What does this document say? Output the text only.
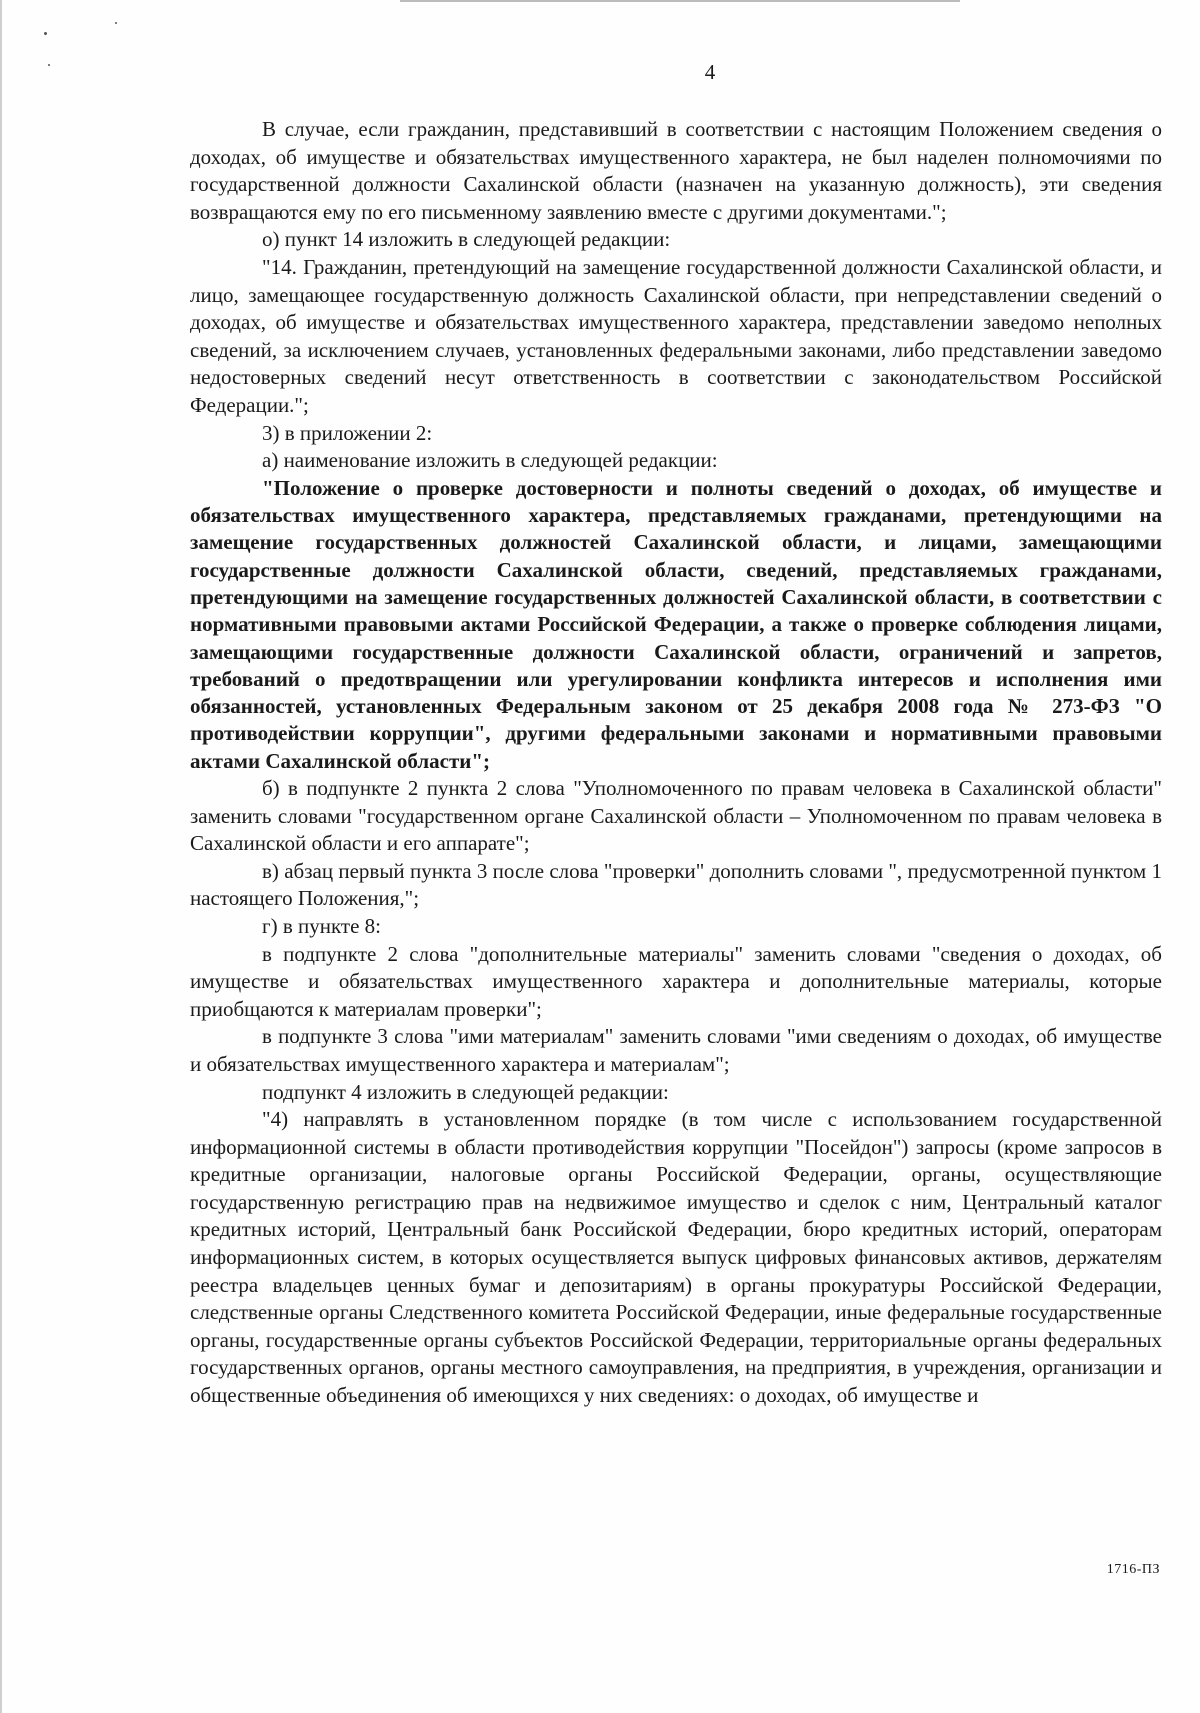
4

В случае, если гражданин, представивший в соответствии с настоящим Положением сведения о доходах, об имуществе и обязательствах имущественного характера, не был наделен полномочиями по государственной должности Сахалинской области (назначен на указанную должность), эти сведения возвращаются ему по его письменному заявлению вместе с другими документами.";

о) пункт 14 изложить в следующей редакции:

"14. Гражданин, претендующий на замещение государственной должности Сахалинской области, и лицо, замещающее государственную должность Сахалинской области, при непредставлении сведений о доходах, об имуществе и обязательствах имущественного характера, представлении заведомо неполных сведений, за исключением случаев, установленных федеральными законами, либо представлении заведомо недостоверных сведений несут ответственность в соответствии с законодательством Российской Федерации.";

3) в приложении 2:

а) наименование изложить в следующей редакции:

"Положение о проверке достоверности и полноты сведений о доходах, об имуществе и обязательствах имущественного характера, представляемых гражданами, претендующими на замещение государственных должностей Сахалинской области, и лицами, замещающими государственные должности Сахалинской области, сведений, представляемых гражданами, претендующими на замещение государственных должностей Сахалинской области, в соответствии с нормативными правовыми актами Российской Федерации, а также о проверке соблюдения лицами, замещающими государственные должности Сахалинской области, ограничений и запретов, требований о предотвращении или урегулировании конфликта интересов и исполнения ими обязанностей, установленных Федеральным законом от 25 декабря 2008 года № 273-ФЗ "О противодействии коррупции", другими федеральными законами и нормативными правовыми актами Сахалинской области";

б) в подпункте 2 пункта 2 слова "Уполномоченного по правам человека в Сахалинской области" заменить словами "государственном органе Сахалинской области – Уполномоченном по правам человека в Сахалинской области и его аппарате";

в) абзац первый пункта 3 после слова "проверки" дополнить словами ", предусмотренной пунктом 1 настоящего Положения,";

г) в пункте 8:

в подпункте 2 слова "дополнительные материалы" заменить словами "сведения о доходах, об имуществе и обязательствах имущественного характера и дополнительные материалы, которые приобщаются к материалам проверки";

в подпункте 3 слова "ими материалам" заменить словами "ими сведениям о доходах, об имуществе и обязательствах имущественного характера и материалам";

подпункт 4 изложить в следующей редакции:

"4) направлять в установленном порядке (в том числе с использованием государственной информационной системы в области противодействия коррупции "Посейдон") запросы (кроме запросов в кредитные организации, налоговые органы Российской Федерации, органы, осуществляющие государственную регистрацию прав на недвижимое имущество и сделок с ним, Центральный каталог кредитных историй, Центральный банк Российской Федерации, бюро кредитных историй, операторам информационных систем, в которых осуществляется выпуск цифровых финансовых активов, держателям реестра владельцев ценных бумаг и депозитариям) в органы прокуратуры Российской Федерации, следственные органы Следственного комитета Российской Федерации, иные федеральные государственные органы, государственные органы субъектов Российской Федерации, территориальные органы федеральных государственных органов, органы местного самоуправления, на предприятия, в учреждения, организации и общественные объединения об имеющихся у них сведениях: о доходах, об имуществе и

1716-ПЗ
